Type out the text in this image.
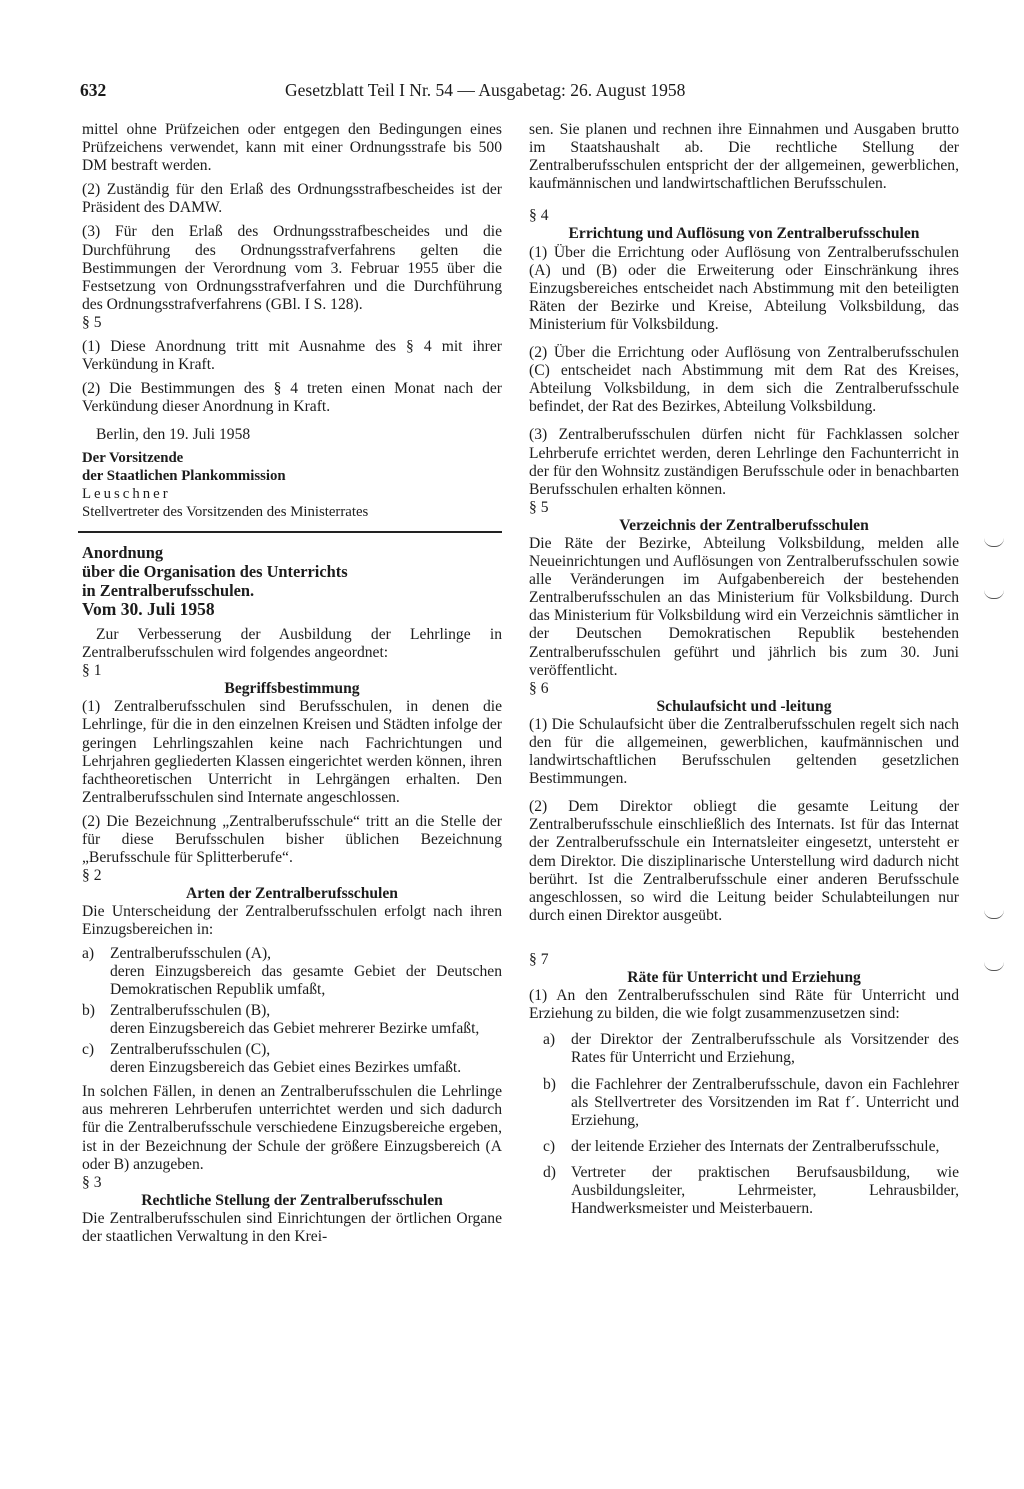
632	Gesetzblatt Teil I Nr. 54 — Ausgabetag: 26. August 1958

mittel ohne Prüfzeichen oder entgegen den Bedingungen eines Prüfzeichens verwendet, kann mit einer Ordnungsstrafe bis 500 DM bestraft werden.

(2) Zuständig für den Erlaß des Ordnungsstrafbescheides ist der Präsident des DAMW.

(3) Für den Erlaß des Ordnungsstrafbescheides und die Durchführung des Ordnungsstrafverfahrens gelten die Bestimmungen der Verordnung vom 3. Februar 1955 über die Festsetzung von Ordnungsstrafverfahren und die Durchführung des Ordnungsstrafverfahrens (GBl. I S. 128).

§ 5

(1) Diese Anordnung tritt mit Ausnahme des § 4 mit ihrer Verkündung in Kraft.

(2) Die Bestimmungen des § 4 treten einen Monat nach der Verkündung dieser Anordnung in Kraft.

Berlin, den 19. Juli 1958

Der Vorsitzende

der Staatlichen Plankommission

Leuschner

Stellvertreter des Vorsitzenden des Ministerrates

Anordnung

über die Organisation des Unterrichts

in Zentralberufsschulen.

Vom 30. Juli 1958

Zur Verbesserung der Ausbildung der Lehrlinge in Zentralberufsschulen wird folgendes angeordnet:

§ 1

Begriffsbestimmung

(1) Zentralberufsschulen sind Berufsschulen, in denen die Lehrlinge, für die in den einzelnen Kreisen und Städten infolge der geringen Lehrlingszahlen keine nach Fachrichtungen und Lehrjahren gegliederten Klassen eingerichtet werden können, ihren fachtheoretischen Unterricht in Lehrgängen erhalten. Den Zentralberufsschulen sind Internate angeschlossen.

(2) Die Bezeichnung „Zentralberufsschule“ tritt an die Stelle der für diese Berufsschulen bisher üblichen Bezeichnung „Berufsschule für Splitterberufe“.

§ 2

Arten der Zentralberufsschulen

Die Unterscheidung der Zentralberufsschulen erfolgt nach ihren Einzugsbereichen in:

a)	Zentralberufsschulen (A),
deren Einzugsbereich das gesamte Gebiet der Deutschen Demokratischen Republik umfaßt,
b) Zentralberufsschulen (B),
deren Einzugsbereich das Gebiet mehrerer Bezirke umfaßt,
c)	Zentralberufsschulen (C),
deren Einzugsbereich das Gebiet eines Bezirkes umfaßt.

In solchen Fällen, in denen an Zentralberufsschulen die Lehrlinge aus mehreren Lehrberufen unterrichtet werden und sich dadurch für die Zentralberufsschule verschiedene Einzugsbereiche ergeben, ist in der Bezeichnung der Schule der größere Einzugsbereich (A oder B) anzugeben.

§ 3

Rechtliche Stellung der Zentralberufsschulen

Die Zentralberufsschulen sind Einrichtungen der örtlichen Organe der staatlichen Verwaltung in den Krei-

sen. Sie planen und rechnen ihre Einnahmen und Ausgaben brutto im Staatshaushalt ab. Die rechtliche Stellung der Zentralberufsschulen entspricht der der allgemeinen, gewerblichen, kaufmännischen und landwirtschaftlichen Berufsschulen.

§ 4

Errichtung und Auflösung von Zentralberufsschulen

(1) Über die Errichtung oder Auflösung von Zentralberufsschulen (A) und (B) oder die Erweiterung oder Einschränkung ihres Einzugsbereiches entscheidet nach Abstimmung mit den beteiligten Räten der Bezirke und Kreise, Abteilung Volksbildung, das Ministerium für Volksbildung.

(2) Über die Errichtung oder Auflösung von Zentralberufsschulen (C) entscheidet nach Abstimmung mit dem Rat des Kreises, Abteilung Volksbildung, in dem sich die Zentralberufsschule befindet, der Rat des Bezirkes, Abteilung Volksbildung.

(3) Zentralberufsschulen dürfen nicht für Fachklassen solcher Lehrberufe errichtet werden, deren Lehrlinge den Fachunterricht in der für den Wohnsitz zuständigen Berufsschule oder in benachbarten Berufsschulen erhalten können.

§ 5

Verzeichnis der Zentralberufsschulen

Die Räte der Bezirke, Abteilung Volksbildung, melden alle Neueinrichtungen und Auflösungen von Zentralberufsschulen sowie alle Veränderungen im Aufgabenbereich der bestehenden Zentralberufsschulen an das Ministerium für Volksbildung. Durch das Ministerium für Volksbildung wird ein Verzeichnis sämtlicher in der Deutschen Demokratischen Republik bestehenden Zentralberufsschulen geführt und jährlich bis zum 30. Juni veröffentlicht.

§ 6

Schulaufsicht und -leitung

(1) Die Schulaufsicht über die Zentralberufsschulen regelt sich nach den für die allgemeinen, gewerblichen, kaufmännischen und landwirtschaftlichen Berufsschulen geltenden gesetzlichen Bestimmungen.

(2) Dem Direktor obliegt die gesamte Leitung der Zentralberufsschule einschließlich des Internats. Ist für das Internat der Zentralberufsschule ein Internatsleiter eingesetzt, untersteht er dem Direktor. Die disziplinarische Unterstellung wird dadurch nicht berührt. Ist die Zentralberufsschule einer anderen Berufsschule angeschlossen, so wird die Leitung beider Schulabteilungen nur durch einen Direktor ausgeübt.

§ 7

Räte für Unterricht und Erziehung

(1) An den Zentralberufsschulen sind Räte für Unterricht und Erziehung zu bilden, die wie folgt zusammenzusetzen sind:

a)	der Direktor der Zentralberufsschule als Vorsitzender des Rates für Unterricht und Erziehung,
b) die Fachlehrer der Zentralberufsschule, davon ein Fachlehrer als Stellvertreter des Vorsitzenden im Rat f´. Unterricht und Erziehung,
c)	der leitende Erzieher des Internats der Zentralberufsschule,
d) Vertreter der praktischen Berufsausbildung, wie Ausbildungsleiter, Lehrmeister, Lehrausbilder, Handwerksmeister und Meisterbauern.
